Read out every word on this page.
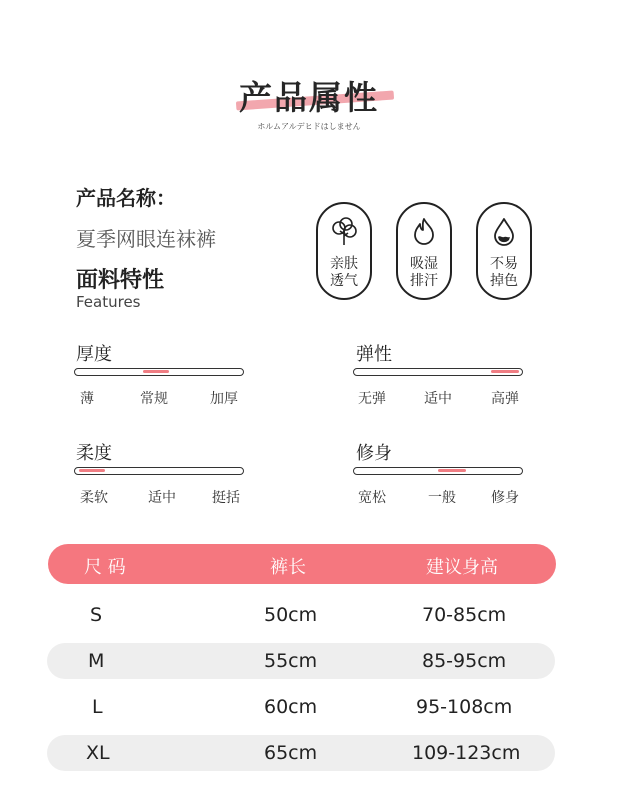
产品属性
ホルムアルデヒドはしません
产品名称：
夏季网眼连袜裤
面料特性
Features
亲肤
透气
吸湿
排汗
不易
掉色
厚度
薄	常规	加厚
弹性
无弹	适中	高弹
柔度
柔软	适中	挺括
修身
宽松	一般	修身
尺 码	裤长	建议身高
S	50cm	70-85cm
M	55cm	85-95cm
L	60cm	95-108cm
XL	65cm	109-123cm
